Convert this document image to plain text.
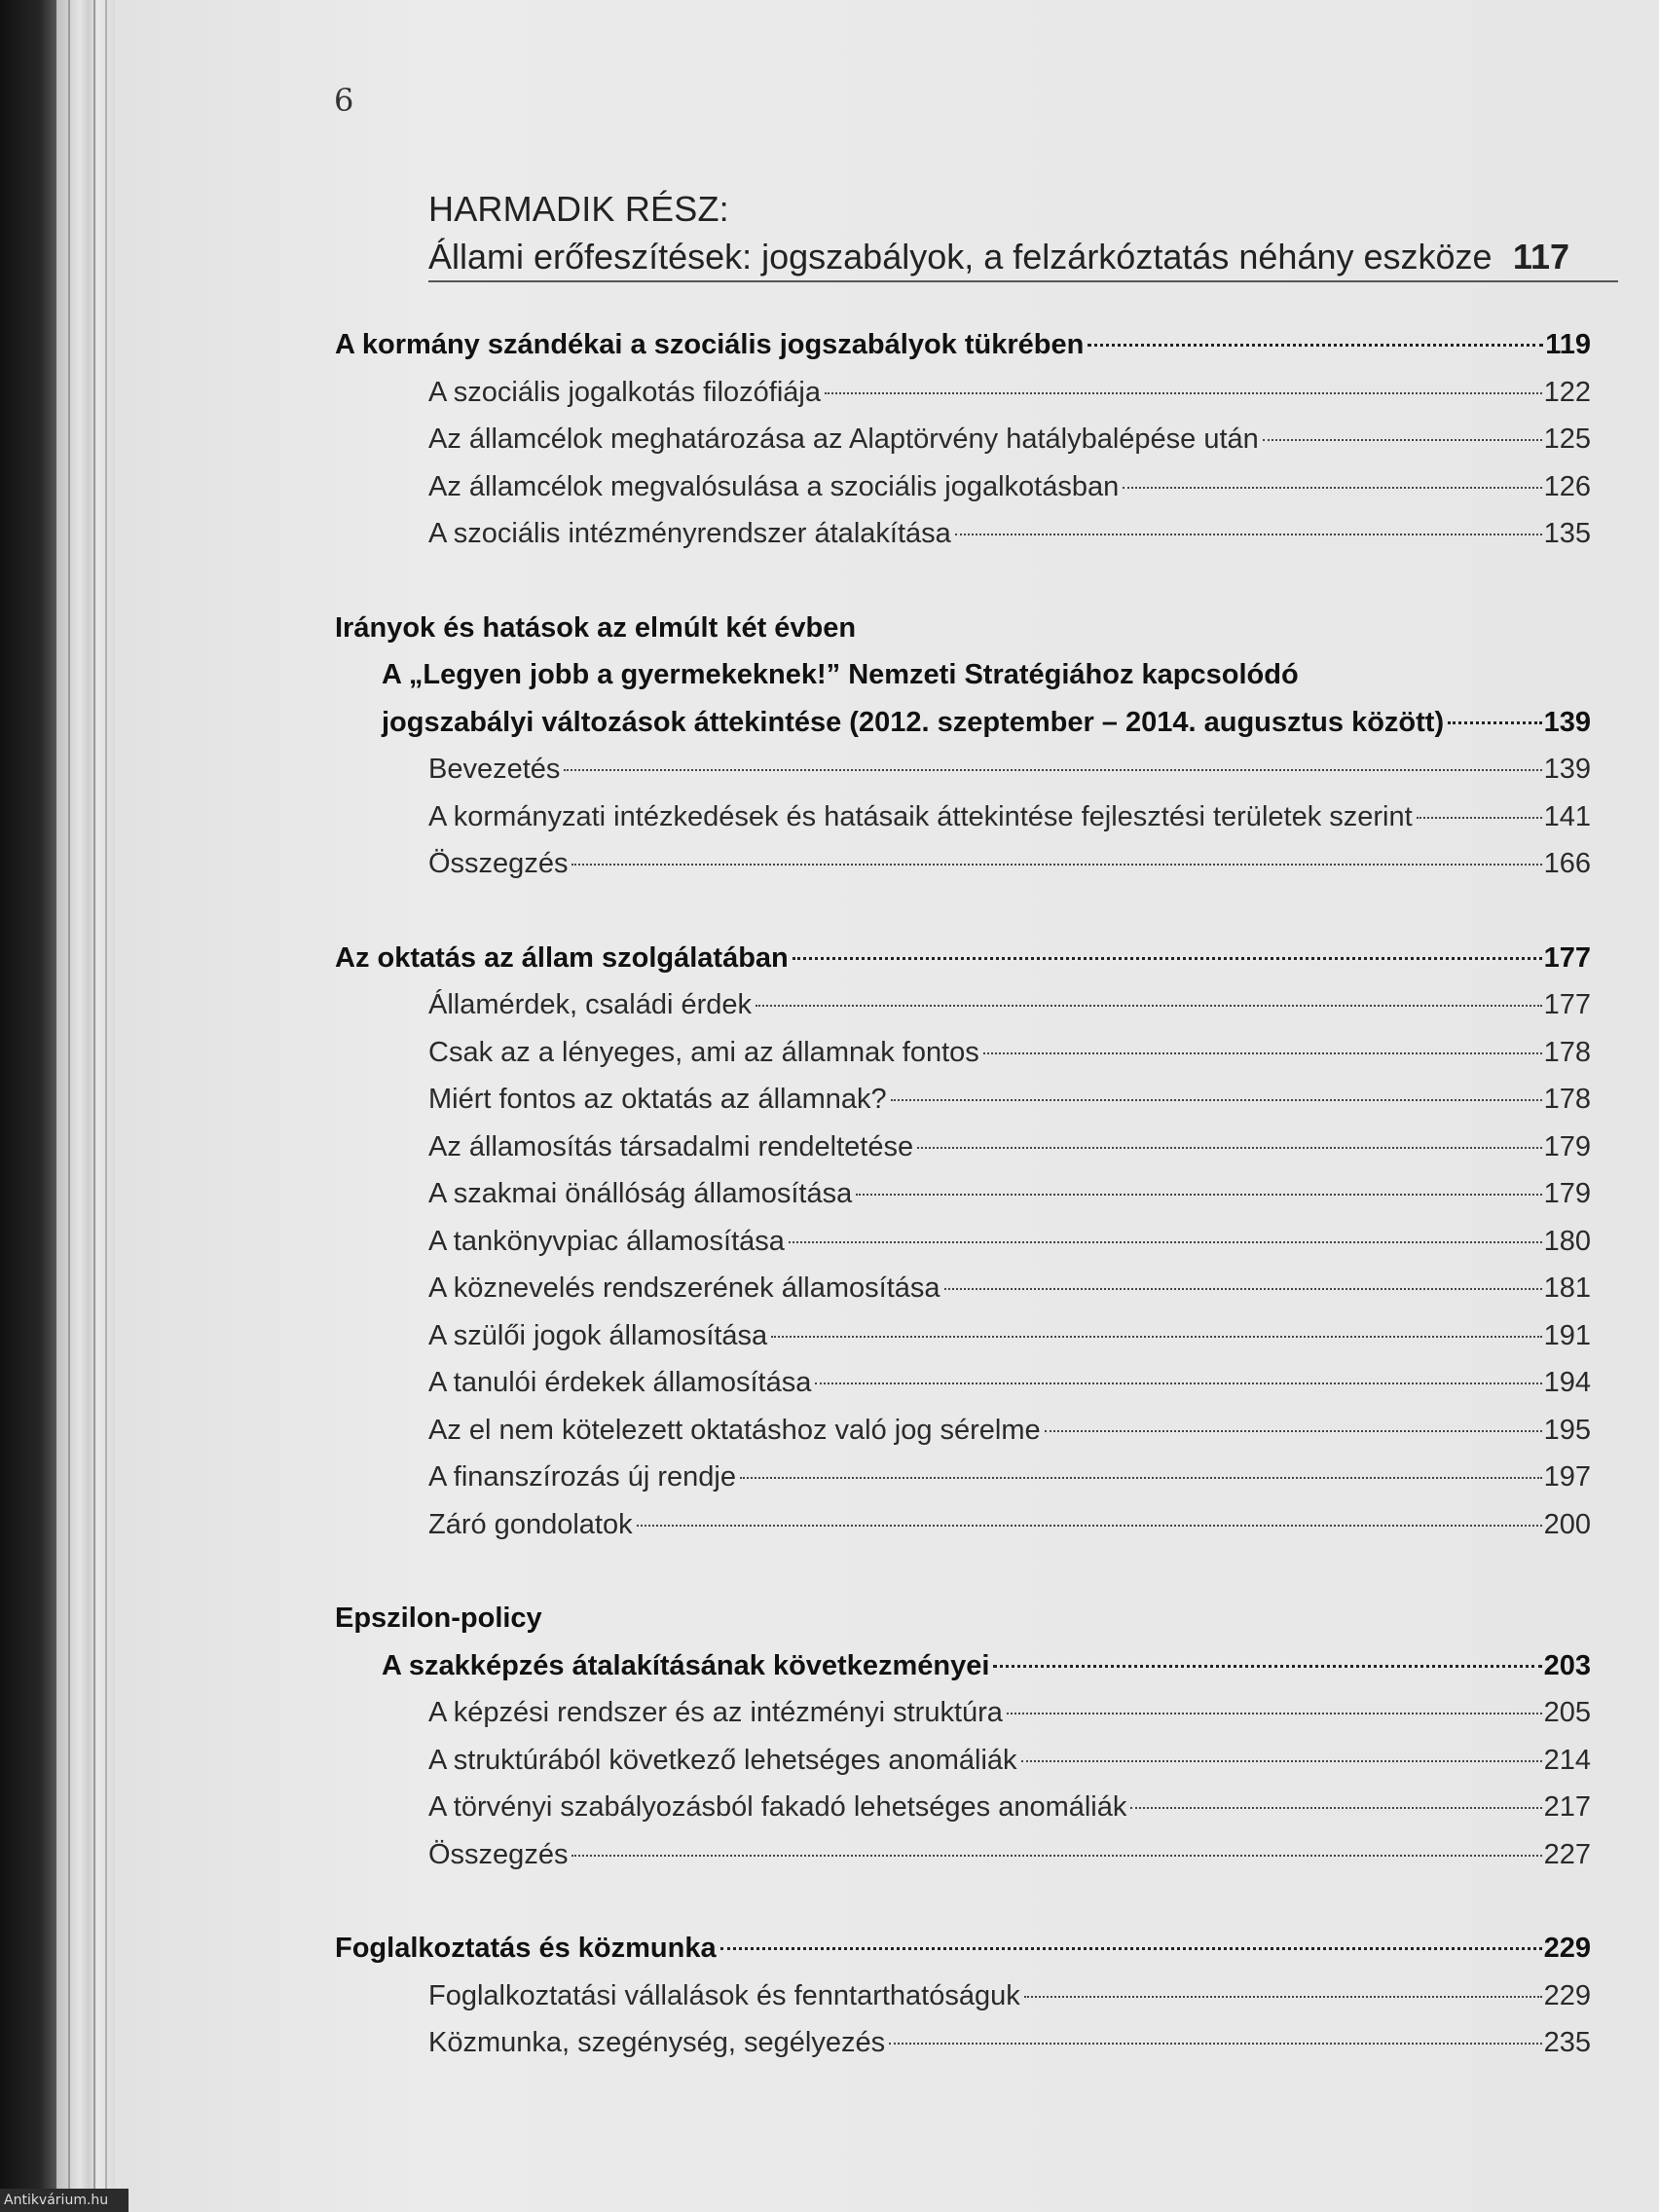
6
HARMADIK RÉSZ:
Állami erőfeszítések: jogszabályok, a felzárkóztatás néhány eszköze 117
A kormány szándékai a szociális jogszabályok tükrében	119
A szociális jogalkotás filozófiája	122
Az államcélok meghatározása az Alaptörvény hatálybalépése után	125
Az államcélok megvalósulása a szociális jogalkotásban	126
A szociális intézményrendszer átalakítása	135
Irányok és hatások az elmúlt két évben
A „Legyen jobb a gyermekeknek!” Nemzeti Stratégiához kapcsolódó
jogszabályi változások áttekintése (2012. szeptember – 2014. augusztus között)	139
Bevezetés	139
A kormányzati intézkedések és hatásaik áttekintése fejlesztési területek szerint	141
Összegzés	166
Az oktatás az állam szolgálatában	177
Államérdek, családi érdek	177
Csak az a lényeges, ami az államnak fontos	178
Miért fontos az oktatás az államnak?	178
Az államosítás társadalmi rendeltetése	179
A szakmai önállóság államosítása	179
A tankönyvpiac államosítása	180
A köznevelés rendszerének államosítása	181
A szülői jogok államosítása	191
A tanulói érdekek államosítása	194
Az el nem kötelezett oktatáshoz való jog sérelme	195
A finanszírozás új rendje	197
Záró gondolatok	200
Epszilon-policy
A szakképzés átalakításának következményei	203
A képzési rendszer és az intézményi struktúra	205
A struktúrából következő lehetséges anomáliák	214
A törvényi szabályozásból fakadó lehetséges anomáliák	217
Összegzés	227
Foglalkoztatás és közmunka	229
Foglalkoztatási vállalások és fenntarthatóságuk	229
Közmunka, szegénység, segélyezés	235
Antikvárium.hu
